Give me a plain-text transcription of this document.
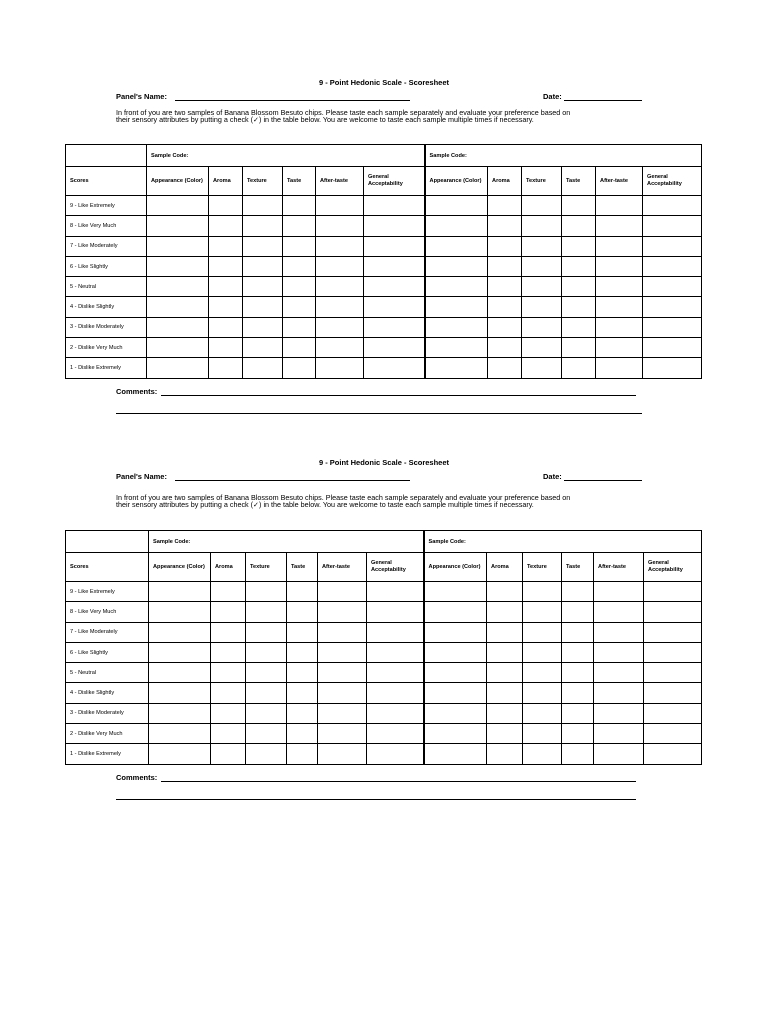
9 - Point Hedonic Scale - Scoresheet
Panel's Name:	Date:
In front of you are two samples of Banana Blossom Besuto chips. Please taste each sample separately and evaluate your preference based on
their sensory attributes by putting a check (✓) in the table below. You are welcome to taste each sample multiple times if necessary.
	Sample Code:						Sample Code:					
Scores	Appearance (Color)	Aroma	Texture	Taste	After-taste	General Acceptability	Appearance (Color)	Aroma	Texture	Taste	After-taste	General Acceptability
9 - Like Extremely												
8 - Like Very Much												
7 - Like Moderately												
6 - Like Slightly												
5 - Neutral												
4 - Dislike Slightly												
3 - Dislike Moderately												
2 - Dislike Very Much												
1 - Dislike Extremely												
Comments:
9 - Point Hedonic Scale - Scoresheet
Panel's Name:	Date:
In front of you are two samples of Banana Blossom Besuto chips. Please taste each sample separately and evaluate your preference based on
their sensory attributes by putting a check (✓) in the table below. You are welcome to taste each sample multiple times if necessary.
	Sample Code:						Sample Code:					
Scores	Appearance (Color)	Aroma	Texture	Taste	After-taste	General Acceptability	Appearance (Color)	Aroma	Texture	Taste	After-taste	General Acceptability
9 - Like Extremely												
8 - Like Very Much												
7 - Like Moderately												
6 - Like Slightly												
5 - Neutral												
4 - Dislike Slightly												
3 - Dislike Moderately												
2 - Dislike Very Much												
1 - Dislike Extremely												
Comments:
